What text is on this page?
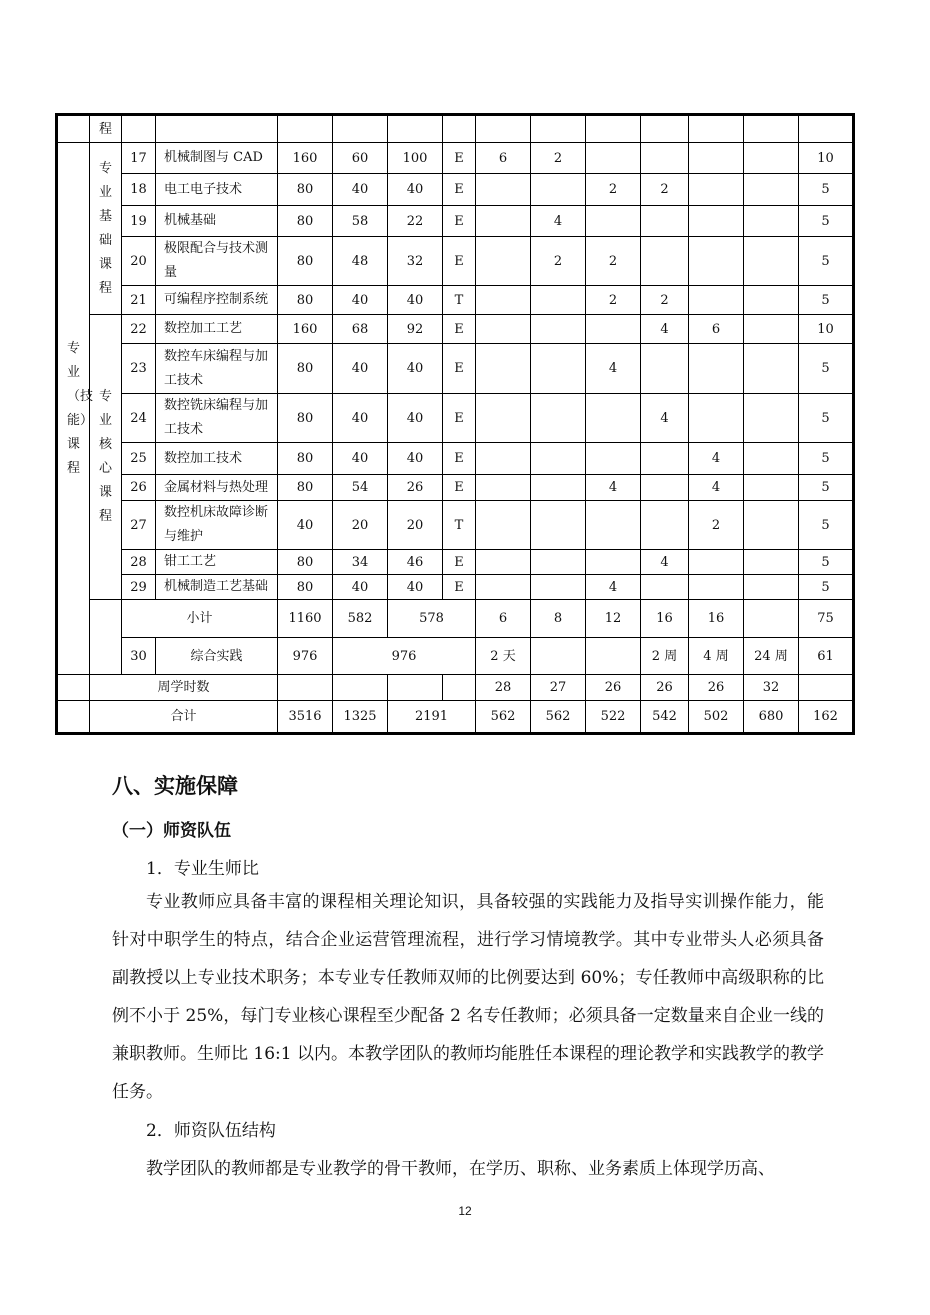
	程													
专业（技能）课程	专业基础课程	17	机械制图与 CAD	160	60	100	E	6	2					10
		18	电工电子技术	80	40	40	E			2	2			5
		19	机械基础	80	58	22	E		4					5
		20	极限配合与技术测量	80	48	32	E		2	2				5
		21	可编程序控制系统	80	40	40	T			2	2			5
	专业核心课程	22	数控加工工艺	160	68	92	E				4	6		10
		23	数控车床编程与加工技术	80	40	40	E			4				5
		24	数控铣床编程与加工技术	80	40	40	E				4			5
		25	数控加工技术	80	40	40	E					4		5
		26	金属材料与热处理	80	54	26	E			4		4		5
		27	数控机床故障诊断与维护	40	20	20	T					2		5
		28	钳工工艺	80	34	46	E				4			5
		29	机械制造工艺基础	80	40	40	E			4				5
		小计		1160	582	578		6	8	12	16	16		75
		30	综合实践	976	976			2 天			2 周	4 周	24 周	61
	周学时数							28	27	26	26	26	32	
	合计			3516	1325	2191		562	562	522	542	502	680	162
八、实施保障
（一）师资队伍
1．专业生师比
专业教师应具备丰富的课程相关理论知识，具备较强的实践能力及指导实训操作能力，能针对中职学生的特点，结合企业运营管理流程，进行学习情境教学。其中专业带头人必须具备副教授以上专业技术职务；本专业专任教师双师的比例要达到 60%；专任教师中高级职称的比例不小于 25%，每门专业核心课程至少配备 2 名专任教师；必须具备一定数量来自企业一线的兼职教师。生师比 16:1 以内。本教学团队的教师均能胜任本课程的理论教学和实践教学的教学任务。
2．师资队伍结构
教学团队的教师都是专业教学的骨干教师，在学历、职称、业务素质上体现学历高、
12
